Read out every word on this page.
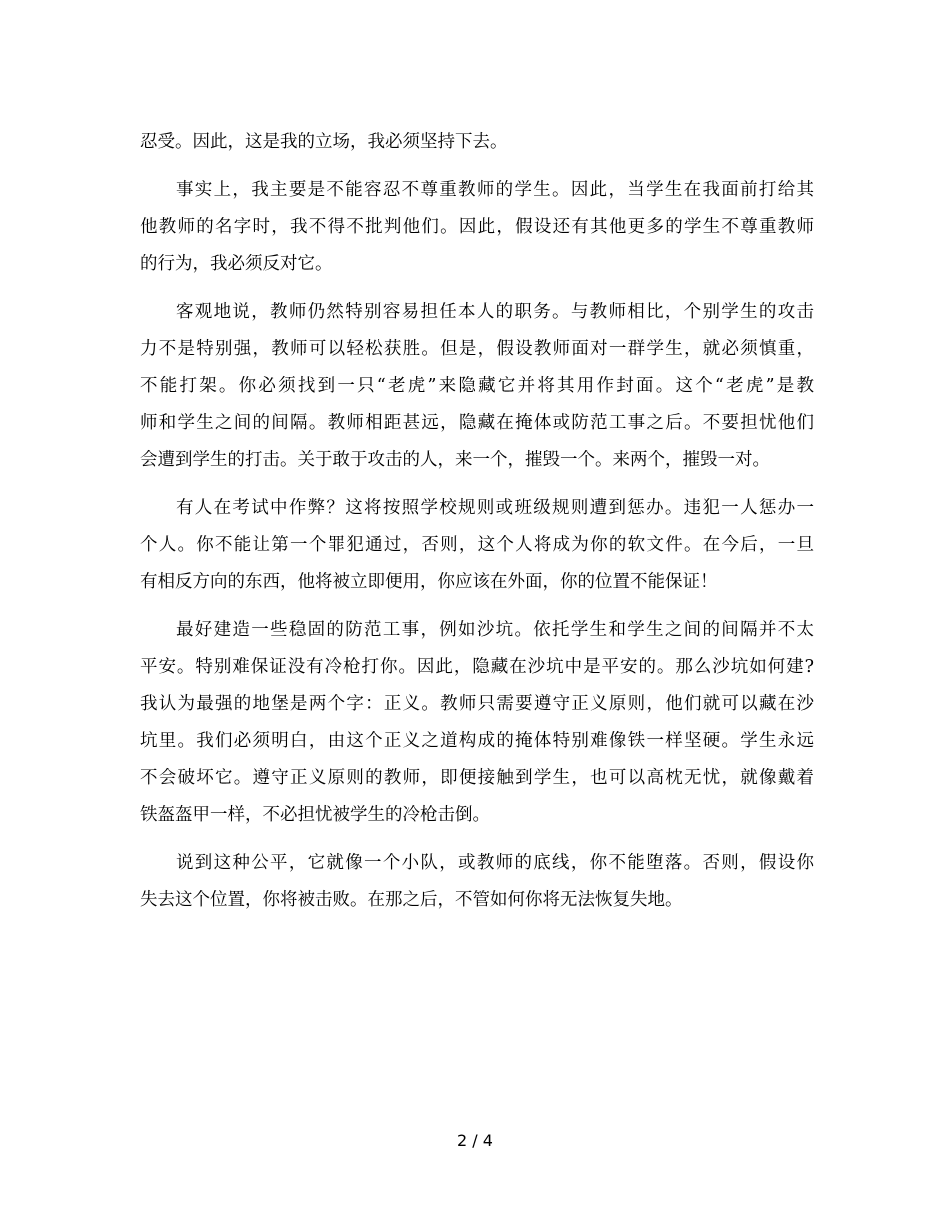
忍受。因此，这是我的立场，我必须坚持下去。
事实上，我主要是不能容忍不尊重教师的学生。因此，当学生在我面前打给其
他教师的名字时，我不得不批判他们。因此，假设还有其他更多的学生不尊重教师
的行为，我必须反对它。
客观地说，教师仍然特别容易担任本人的职务。与教师相比，个别学生的攻击
力不是特别强，教师可以轻松获胜。但是，假设教师面对一群学生，就必须慎重，
不能打架。你必须找到一只“老虎”来隐藏它并将其用作封面。这个“老虎”是教
师和学生之间的间隔。教师相距甚远，隐藏在掩体或防范工事之后。不要担忧他们
会遭到学生的打击。关于敢于攻击的人，来一个，摧毁一个。来两个，摧毁一对。
有人在考试中作弊？这将按照学校规则或班级规则遭到惩办。违犯一人惩办一
个人。你不能让第一个罪犯通过，否则，这个人将成为你的软文件。在今后，一旦
有相反方向的东西，他将被立即便用，你应该在外面，你的位置不能保证！
最好建造一些稳固的防范工事，例如沙坑。依托学生和学生之间的间隔并不太
平安。特别难保证没有冷枪打你。因此，隐藏在沙坑中是平安的。那么沙坑如何建?
我认为最强的地堡是两个字：正义。教师只需要遵守正义原则，他们就可以藏在沙
坑里。我们必须明白，由这个正义之道构成的掩体特别难像铁一样坚硬。学生永远
不会破坏它。遵守正义原则的教师，即便接触到学生，也可以高枕无忧，就像戴着
铁盔盔甲一样，不必担忧被学生的冷枪击倒。
说到这种公平，它就像一个小队，或教师的底线，你不能堕落。否则，假设你
失去这个位置，你将被击败。在那之后，不管如何你将无法恢复失地。
2 / 4
